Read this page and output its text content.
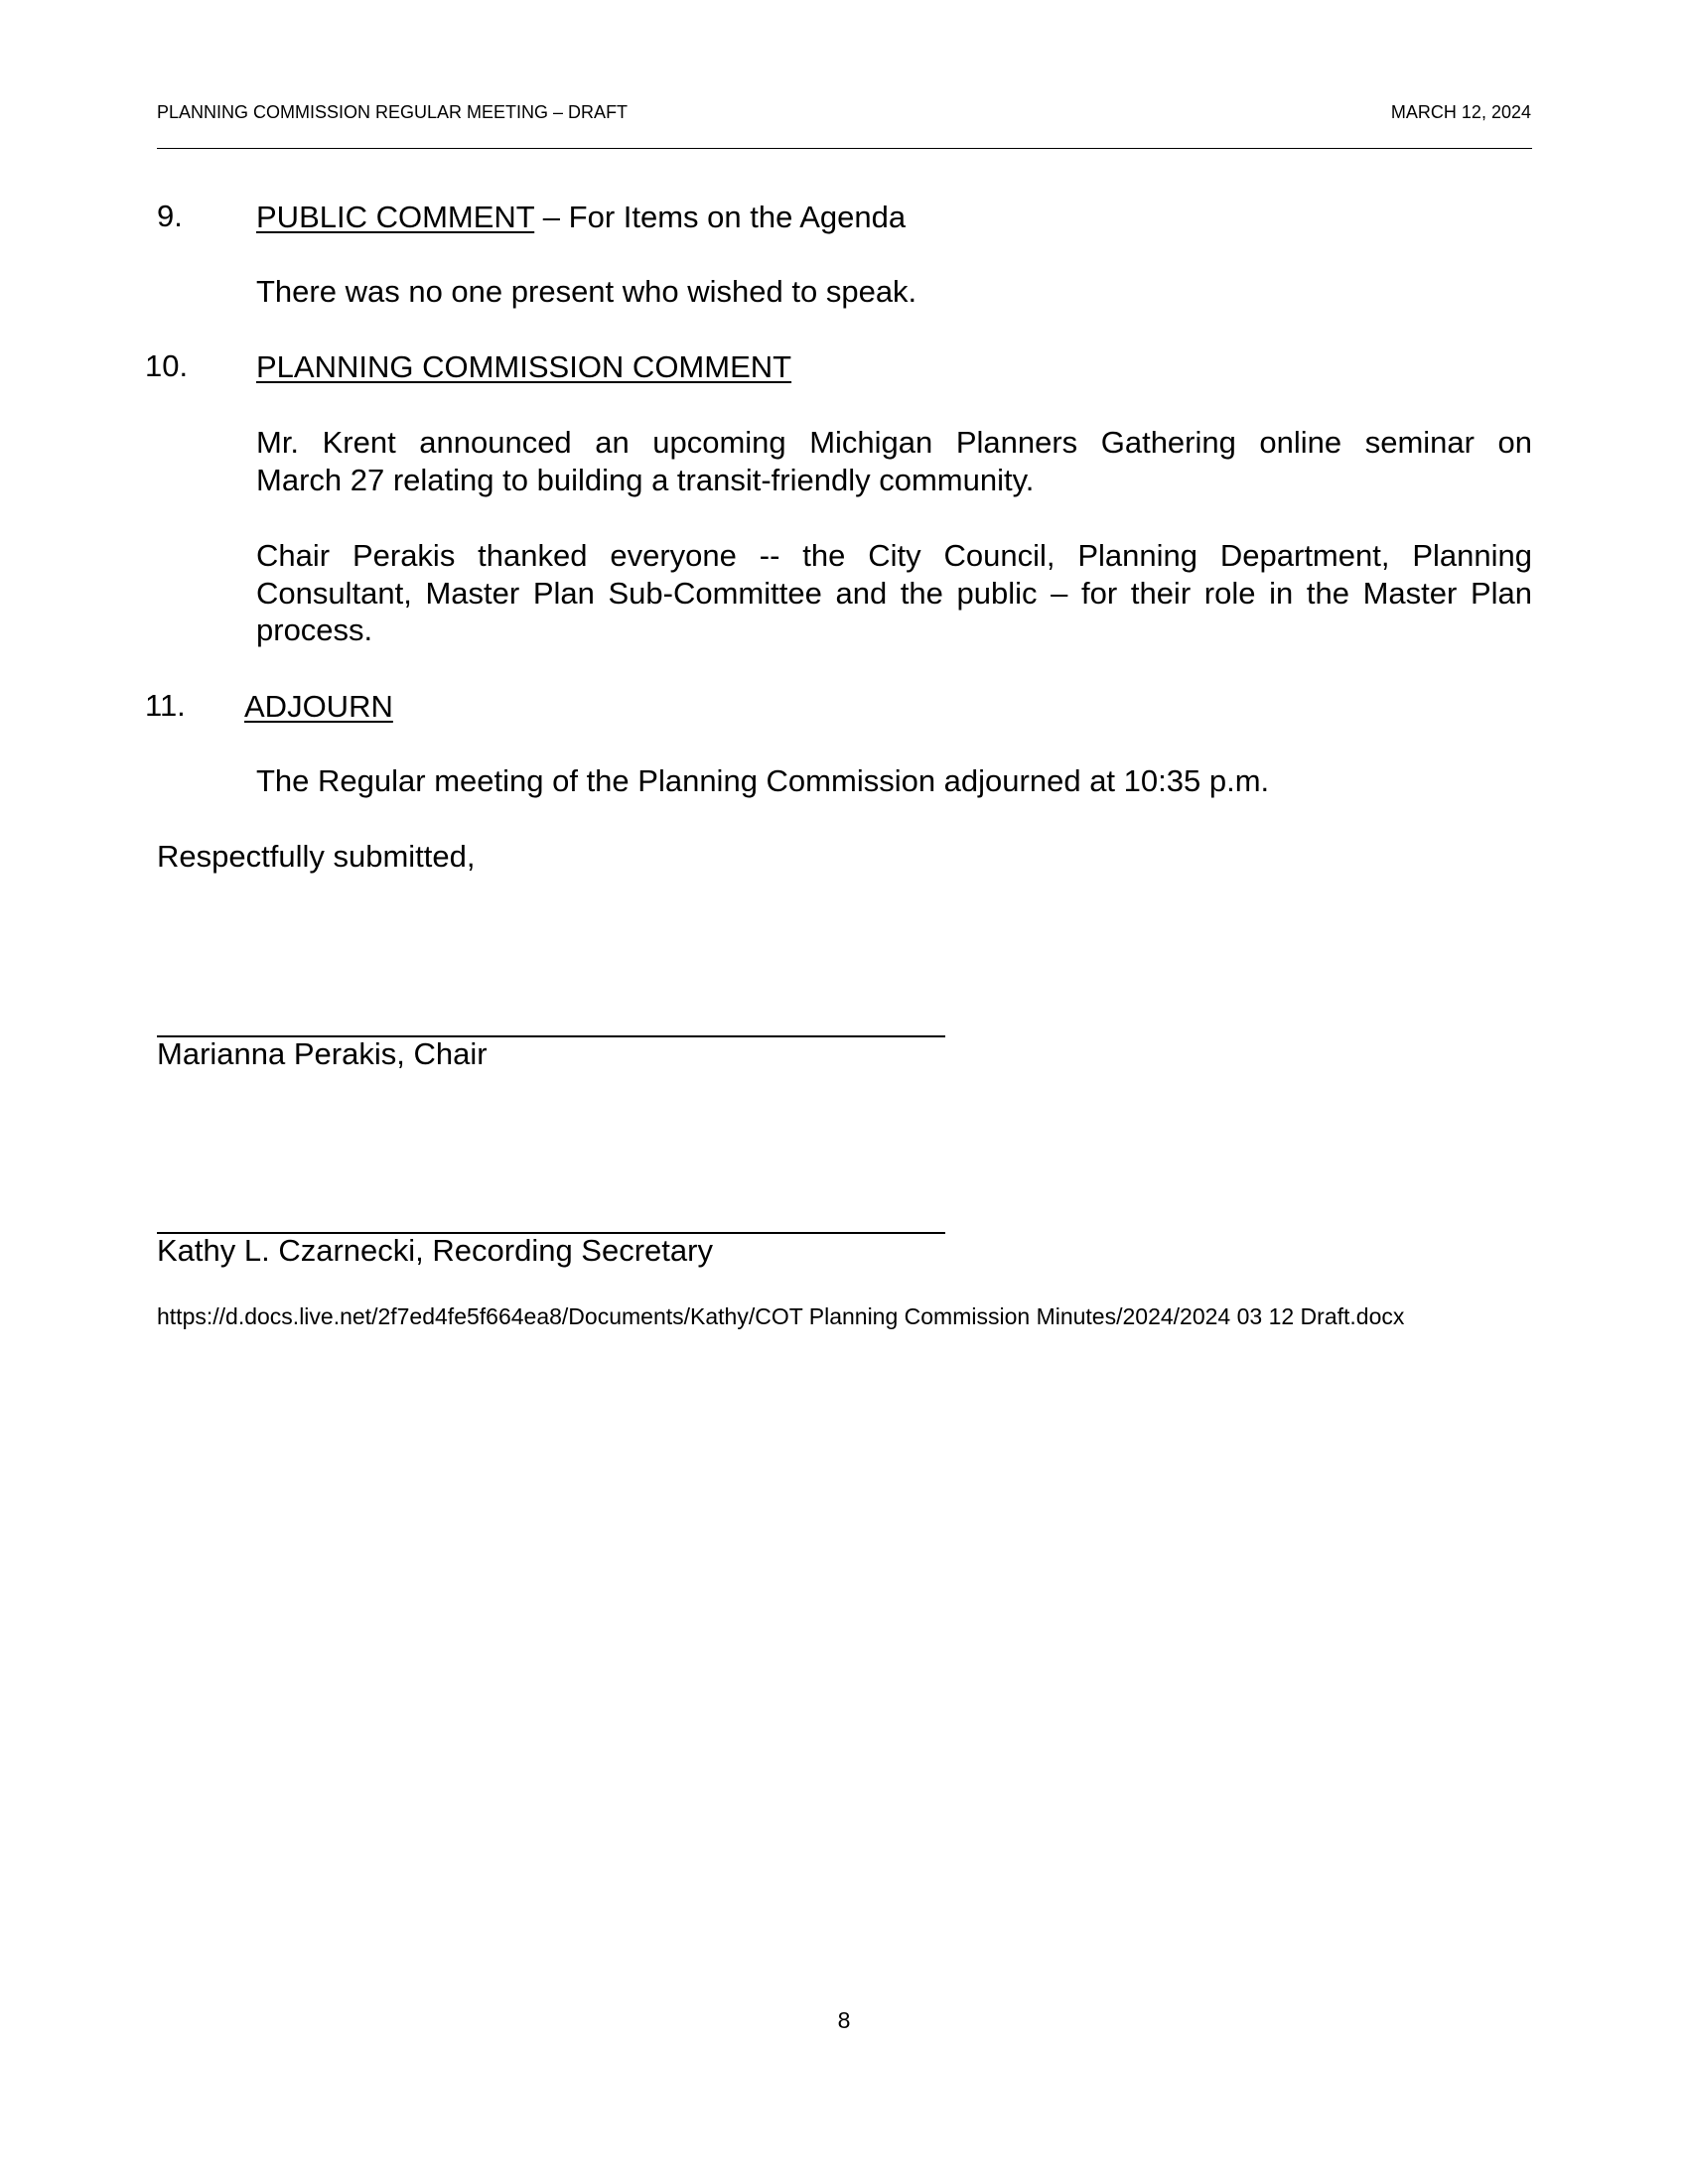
PLANNING COMMISSION REGULAR MEETING – DRAFT	MARCH 12, 2024
9. PUBLIC COMMENT – For Items on the Agenda
There was no one present who wished to speak.
10. PLANNING COMMISSION COMMENT
Mr. Krent announced an upcoming Michigan Planners Gathering online seminar on
March 27 relating to building a transit-friendly community.
Chair Perakis thanked everyone -- the City Council, Planning Department, Planning
Consultant, Master Plan Sub-Committee and the public – for their role in the Master Plan
process.
11. ADJOURN
The Regular meeting of the Planning Commission adjourned at 10:35 p.m.
Respectfully submitted,
Marianna Perakis, Chair
Kathy L. Czarnecki, Recording Secretary
https://d.docs.live.net/2f7ed4fe5f664ea8/Documents/Kathy/COT Planning Commission Minutes/2024/2024 03 12 Draft.docx
8
